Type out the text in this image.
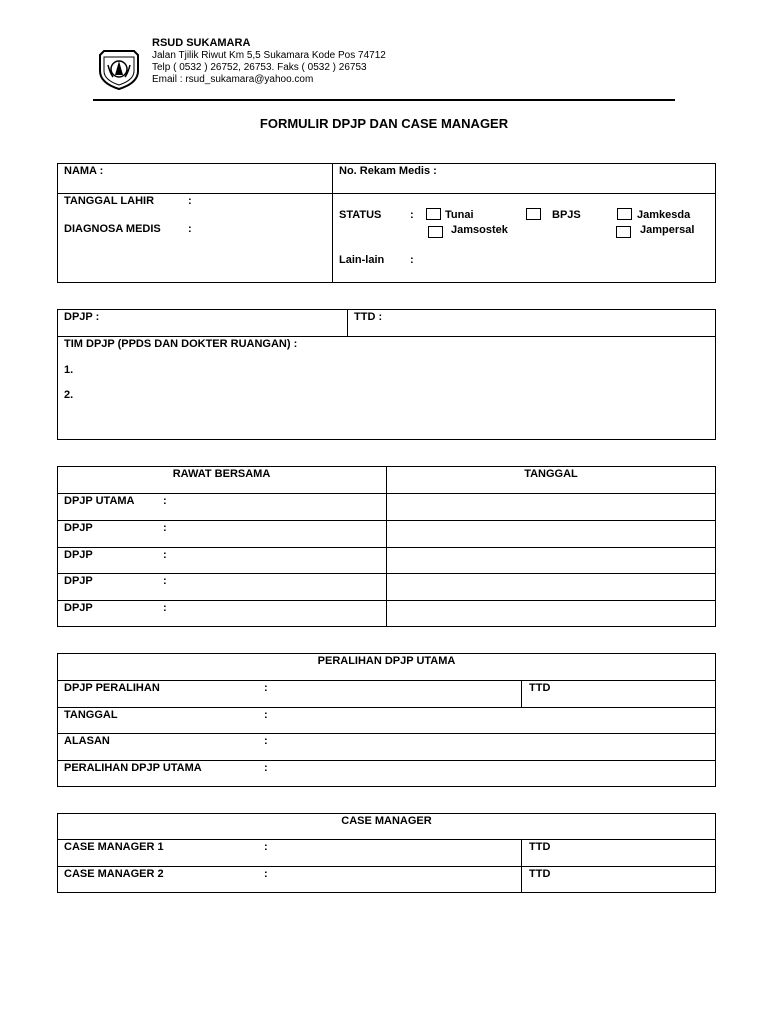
RSUD SUKAMARA
Jalan Tjilik Riwut Km 5,5 Sukamara Kode Pos 74712
Telp ( 0532 ) 26752, 26753. Faks ( 0532 ) 26753
Email : rsud_sukamara@yahoo.com
FORMULIR DPJP DAN CASE MANAGER
NAMA :	No. Rekam Medis :
TANGGAL LAHIR	:
DIAGNOSA MEDIS :
STATUS	:	Tunai	BPJS	Jamkesda
Jamsostek	Jampersal
Lain-lain :
DPJP :	TTD :
TIM DPJP (PPDS DAN DOKTER RUANGAN) :
1.
2.
RAWAT BERSAMA	TANGGAL
DPJP UTAMA	:
DPJP	:
DPJP	:
DPJP	:
DPJP	:
PERALIHAN DPJP UTAMA
DPJP PERALIHAN	:	TTD
TANGGAL	:
ALASAN	:
PERALIHAN DPJP UTAMA	:
CASE MANAGER
CASE MANAGER 1	:	TTD
CASE MANAGER 2	:	TTD
